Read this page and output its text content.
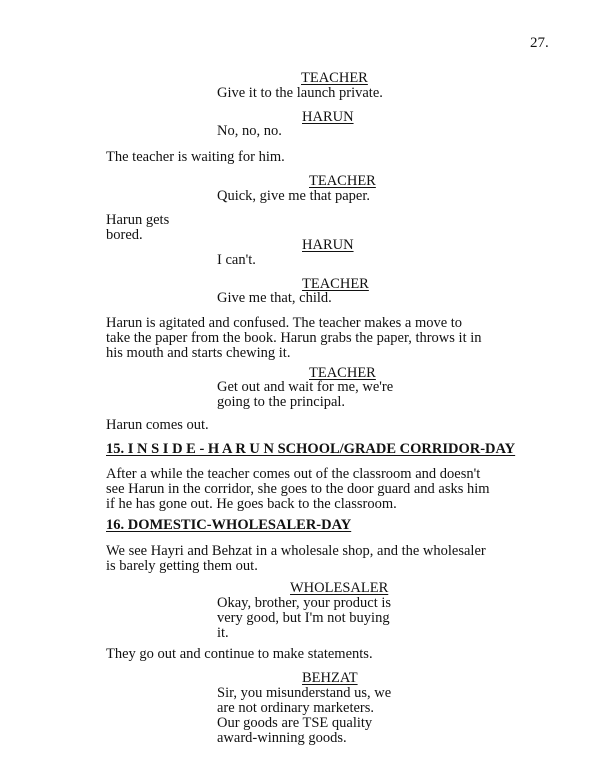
27.
TEACHER
Give it to the launch private.
HARUN
No, no, no.
The teacher is waiting for him.
TEACHER
Quick, give me that paper.
Harun gets
bored.
HARUN
I can't.
TEACHER
Give me that, child.
Harun is agitated and confused. The teacher makes a move to
take the paper from the book. Harun grabs the paper, throws it in
his mouth and starts chewing it.
TEACHER
Get out and wait for me, we're
going to the principal.
Harun comes out.
15. I N S I D E - H A R U N SCHOOL/GRADE CORRIDOR-DAY
After a while the teacher comes out of the classroom and doesn't
see Harun in the corridor, she goes to the door guard and asks him
if he has gone out. He goes back to the classroom.
16. DOMESTIC-WHOLESALER-DAY
We see Hayri and Behzat in a wholesale shop, and the wholesaler
is barely getting them out.
WHOLESALER
Okay, brother, your product is
very good, but I'm not buying
it.
They go out and continue to make statements.
BEHZAT
Sir, you misunderstand us, we
are not ordinary marketers.
Our goods are TSE quality
award-winning goods.
